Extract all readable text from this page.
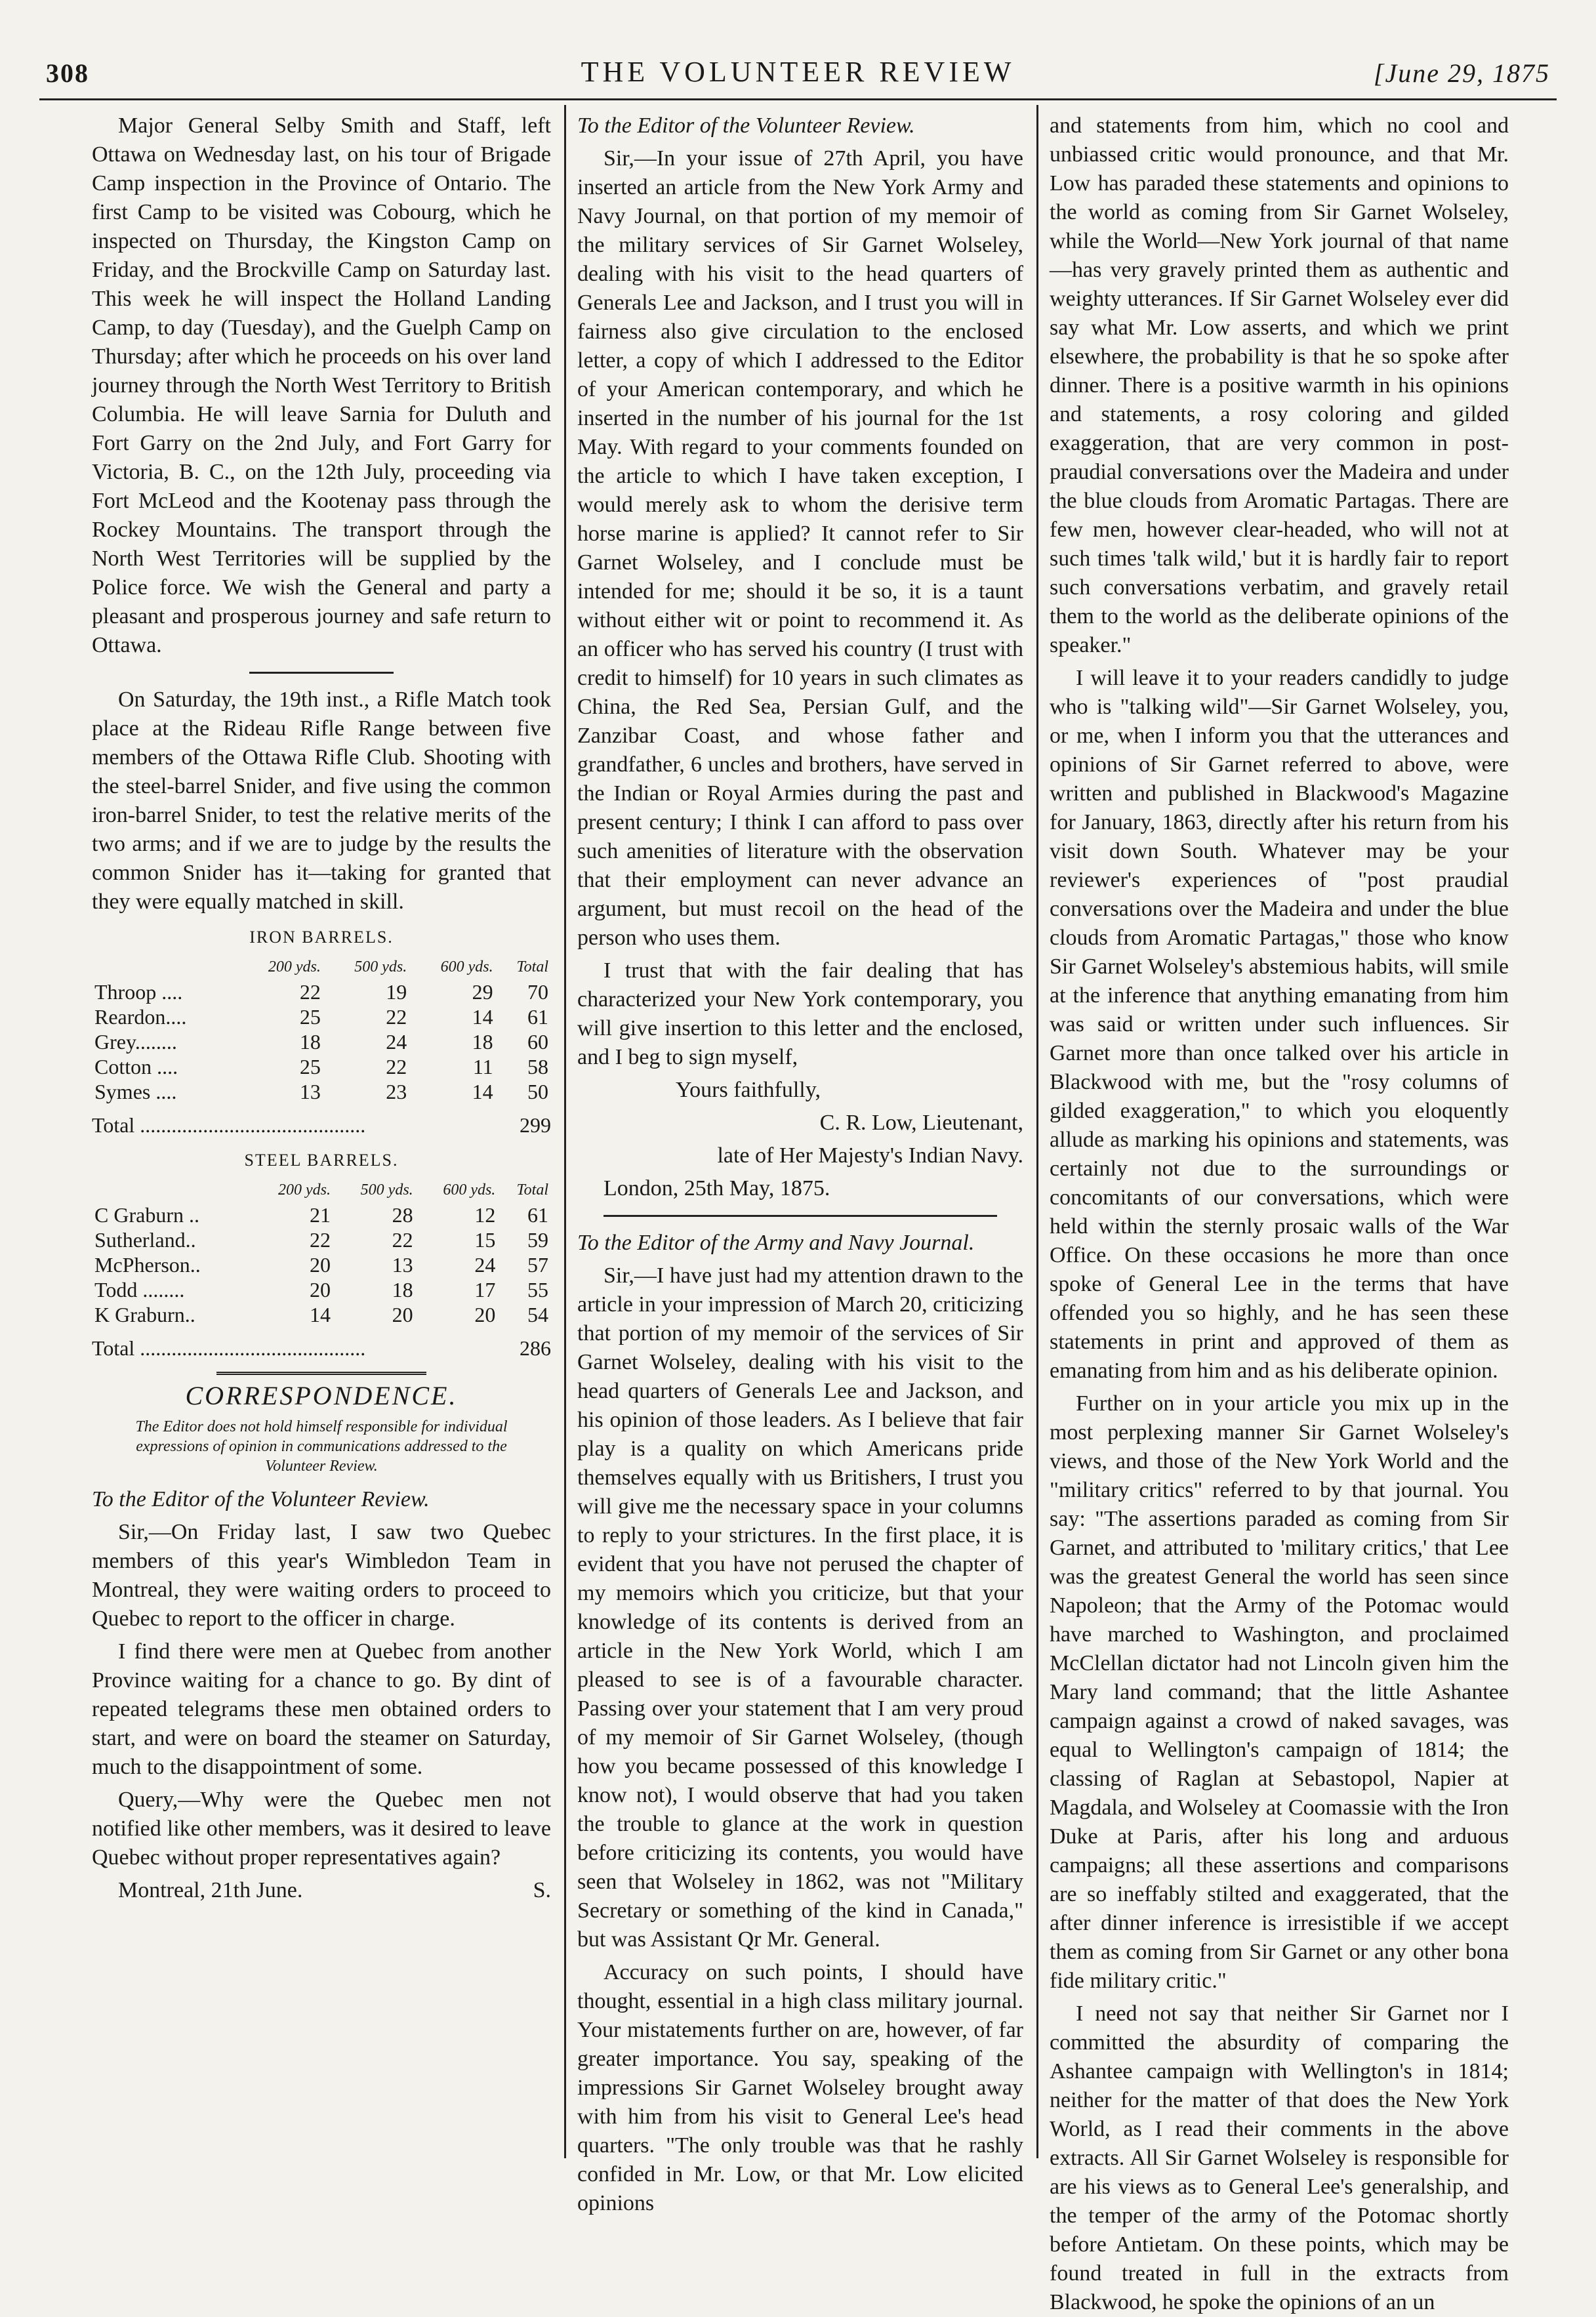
308	THE VOLUNTEER REVIEW	[June 29, 1875

Major General Selby Smith and Staff, left Ottawa on Wednesday last, on his tour of Brigade Camp inspection in the Province of Ontario. The first Camp to be visited was Cobourg, which he inspected on Thursday, the Kingston Camp on Friday, and the Brockville Camp on Saturday last. This week he will inspect the Holland Landing Camp, to day (Tuesday), and the Guelph Camp on Thursday; after which he proceeds on his over land journey through the North West Territory to British Columbia. He will leave Sarnia for Duluth and Fort Garry on the 2nd July, and Fort Garry for Victoria, B. C., on the 12th July, proceeding via Fort McLeod and the Kootenay pass through the Rockey Mountains. The transport through the North West Territories will be supplied by the Police force. We wish the General and party a pleasant and prosperous journey and safe return to Ottawa.

On Saturday, the 19th inst., a Rifle Match took place at the Rideau Rifle Range between five members of the Ottawa Rifle Club. Shooting with the steel-barrel Snider, and five using the common iron-barrel Snider, to test the relative merits of the two arms; and if we are to judge by the results the common Snider has it—taking for granted that they were equally matched in skill.

IRON BARRELS.
	200 yds.	500 yds.	600 yds.	Total
Throop ....	22	19	29	70
Reardon....	25	22	14	61
Grey........	18	24	18	60
Cotton ....	25	22	11	58
Symes ....	13	23	14	50
Total ...........................................	299
STEEL BARRELS.
	200 yds.	500 yds.	600 yds.	Total
C Graburn ..	21	28	12	61
Sutherland..	22	22	15	59
McPherson..	20	13	24	57
Todd ........	20	18	17	55
K Graburn..	14	20	20	54
Total ...........................................	286
CORRESPONDENCE.
The Editor does not hold himself responsible for individual expressions of opinion in communications addressed to the Volunteer Review.

To the Editor of the Volunteer Review.

Sir,—On Friday last, I saw two Quebec members of this year's Wimbledon Team in Montreal, they were waiting orders to proceed to Quebec to report to the officer in charge.

I find there were men at Quebec from another Province waiting for a chance to go. By dint of repeated telegrams these men obtained orders to start, and were on board the steamer on Saturday, much to the disappointment of some.

Query,—Why were the Quebec men not notified like other members, was it desired to leave Quebec without proper representatives again?

Montreal, 21th June.	S.

To the Editor of the Volunteer Review.

Sir,—In your issue of 27th April, you have inserted an article from the New York Army and Navy Journal, on that portion of my memoir of the military services of Sir Garnet Wolseley, dealing with his visit to the head quarters of Generals Lee and Jackson, and I trust you will in fairness also give circulation to the enclosed letter, a copy of which I addressed to the Editor of your American contemporary, and which he inserted in the number of his journal for the 1st May. With regard to your comments founded on the article to which I have taken exception, I would merely ask to whom the derisive term horse marine is applied? It cannot refer to Sir Garnet Wolseley, and I conclude must be intended for me; should it be so, it is a taunt without either wit or point to recommend it. As an officer who has served his country (I trust with credit to himself) for 10 years in such climates as China, the Red Sea, Persian Gulf, and the Zanzibar Coast, and whose father and grandfather, 6 uncles and brothers, have served in the Indian or Royal Armies during the past and present century; I think I can afford to pass over such amenities of literature with the observation that their employment can never advance an argument, but must recoil on the head of the person who uses them.

I trust that with the fair dealing that has characterized your New York contemporary, you will give insertion to this letter and the enclosed, and I beg to sign myself,

Yours faithfully,

C. R. Low, Lieutenant,

late of Her Majesty's Indian Navy.

London, 25th May, 1875.

To the Editor of the Army and Navy Journal.

Sir,—I have just had my attention drawn to the article in your impression of March 20, criticizing that portion of my memoir of the services of Sir Garnet Wolseley, dealing with his visit to the head quarters of Generals Lee and Jackson, and his opinion of those leaders. As I believe that fair play is a quality on which Americans pride themselves equally with us Britishers, I trust you will give me the necessary space in your columns to reply to your strictures. In the first place, it is evident that you have not perused the chapter of my memoirs which you criticize, but that your knowledge of its contents is derived from an article in the New York World, which I am pleased to see is of a favourable character. Passing over your statement that I am very proud of my memoir of Sir Garnet Wolseley, (though how you became possessed of this knowledge I know not), I would observe that had you taken the trouble to glance at the work in question before criticizing its contents, you would have seen that Wolseley in 1862, was not "Military Secretary or something of the kind in Canada," but was Assistant Qr Mr. General.

Accuracy on such points, I should have thought, essential in a high class military journal. Your mistatements further on are, however, of far greater importance. You say, speaking of the impressions Sir Garnet Wolseley brought away with him from his visit to General Lee's head quarters. "The only trouble was that he rashly confided in Mr. Low, or that Mr. Low elicited opinions

and statements from him, which no cool and unbiassed critic would pronounce, and that Mr. Low has paraded these statements and opinions to the world as coming from Sir Garnet Wolseley, while the World—New York journal of that name—has very gravely printed them as authentic and weighty utterances. If Sir Garnet Wolseley ever did say what Mr. Low asserts, and which we print elsewhere, the probability is that he so spoke after dinner. There is a positive warmth in his opinions and statements, a rosy coloring and gilded exaggeration, that are very common in post-praudial conversations over the Madeira and under the blue clouds from Aromatic Partagas. There are few men, however clear-headed, who will not at such times 'talk wild,' but it is hardly fair to report such conversations verbatim, and gravely retail them to the world as the deliberate opinions of the speaker."

I will leave it to your readers candidly to judge who is "talking wild"—Sir Garnet Wolseley, you, or me, when I inform you that the utterances and opinions of Sir Garnet referred to above, were written and published in Blackwood's Magazine for January, 1863, directly after his return from his visit down South. Whatever may be your reviewer's experiences of "post praudial conversations over the Madeira and under the blue clouds from Aromatic Partagas," those who know Sir Garnet Wolseley's abstemious habits, will smile at the inference that anything emanating from him was said or written under such influences. Sir Garnet more than once talked over his article in Blackwood with me, but the "rosy columns of gilded exaggeration," to which you eloquently allude as marking his opinions and statements, was certainly not due to the surroundings or concomitants of our conversations, which were held within the sternly prosaic walls of the War Office. On these occasions he more than once spoke of General Lee in the terms that have offended you so highly, and he has seen these statements in print and approved of them as emanating from him and as his deliberate opinion.

Further on in your article you mix up in the most perplexing manner Sir Garnet Wolseley's views, and those of the New York World and the "military critics" referred to by that journal. You say: "The assertions paraded as coming from Sir Garnet, and attributed to 'military critics,' that Lee was the greatest General the world has seen since Napoleon; that the Army of the Potomac would have marched to Washington, and proclaimed McClellan dictator had not Lincoln given him the Mary land command; that the little Ashantee campaign against a crowd of naked savages, was equal to Wellington's campaign of 1814; the classing of Raglan at Sebastopol, Napier at Magdala, and Wolseley at Coomassie with the Iron Duke at Paris, after his long and arduous campaigns; all these assertions and comparisons are so ineffably stilted and exaggerated, that the after dinner inference is irresistible if we accept them as coming from Sir Garnet or any other bona fide military critic."

I need not say that neither Sir Garnet nor I committed the absurdity of comparing the Ashantee campaign with Wellington's in 1814; neither for the matter of that does the New York World, as I read their comments in the above extracts. All Sir Garnet Wolseley is responsible for are his views as to General Lee's generalship, and the temper of the army of the Potomac shortly before Antietam. On these points, which may be found treated in full in the extracts from Blackwood, he spoke the opinions of an un
